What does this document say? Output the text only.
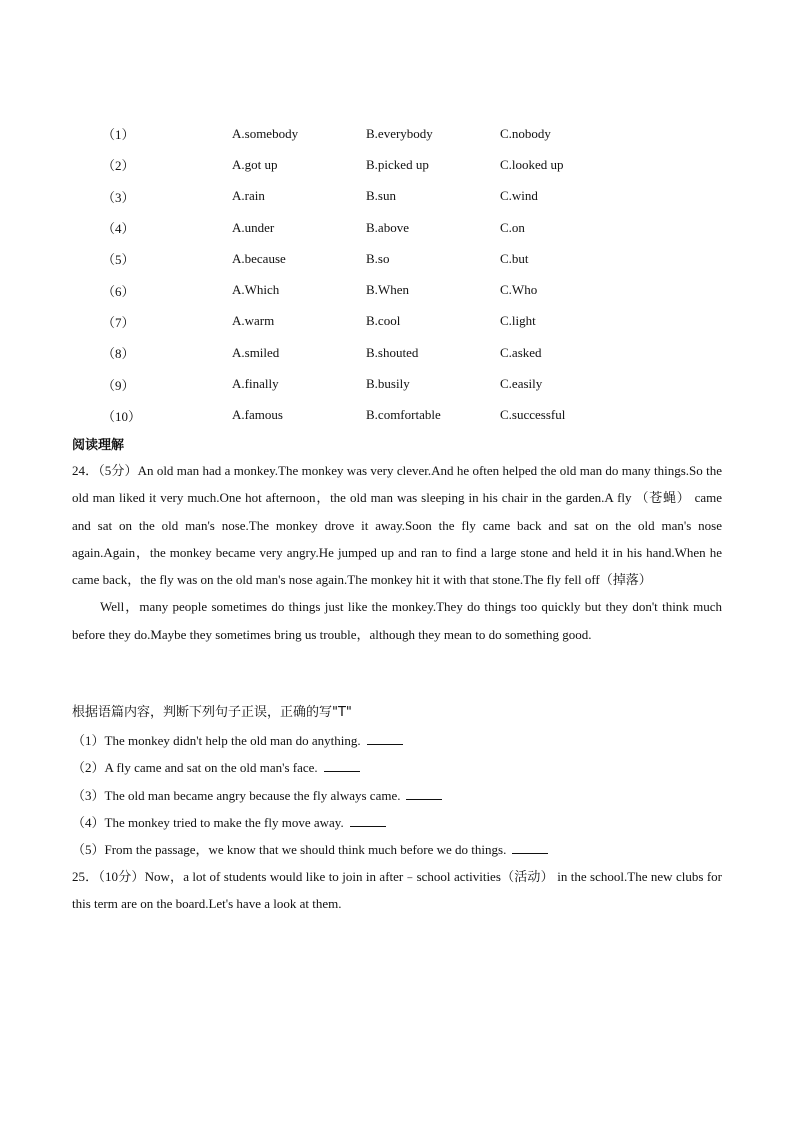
（1）	A.somebody	B.everybody	C.nobody
（2）	A.got up	B.picked up	C.looked up
（3）	A.rain	B.sun	C.wind
（4）	A.under	B.above	C.on
（5）	A.because	B.so	C.but
（6）	A.Which	B.When	C.Who
（7）	A.warm	B.cool	C.light
（8）	A.smiled	B.shouted	C.asked
（9）	A.finally	B.busily	C.easily
（10）	A.famous	B.comfortable	C.successful
阅读理解

24．（5分）An old man had a monkey.The monkey was very clever.And he often helped the old man do many things.So the old man liked it very much.One hot afternoon，the old man was sleeping in his chair in the garden.A fly （苍蝇） came and sat on the old man's nose.The monkey drove it away.Soon the fly came back and sat on the old man's nose again.Again，the monkey became very angry.He jumped up and ran to find a large stone and held it in his hand.When he came back，the fly was on the old man's nose again.The monkey hit it with that stone.The fly fell off（掉落）

Well，many people sometimes do things just like the monkey.They do things too quickly but they don't think much before they do.Maybe they sometimes bring us trouble，although they mean to do something good.

根据语篇内容，判断下列句子正误，正确的写"T"
（1）The monkey didn't help the old man do anything.
（2）A fly came and sat on the old man's face.
（3）The old man became angry because the fly always came.
（4）The monkey tried to make the fly move away.
（5）From the passage，we know that we should think much before we do things.

25．（10分）Now，a lot of students would like to join in after﹣school activities（活动） in the school.The new clubs for this term are on the board.Let's have a look at them.
